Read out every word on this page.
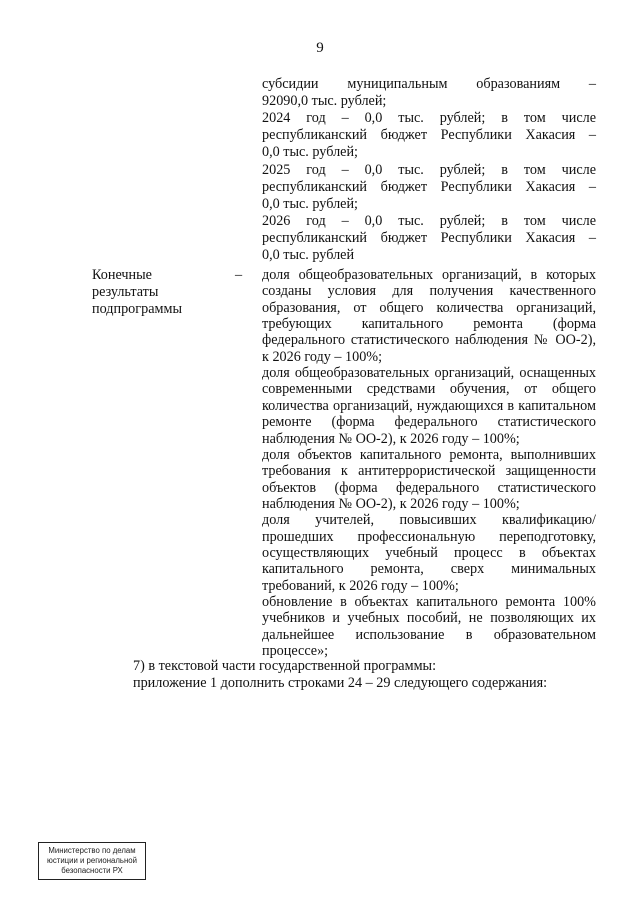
9
субсидии муниципальным образованиям –
92090,0 тыс. рублей;
2024 год – 0,0 тыс. рублей; в том числе
республиканский бюджет Республики Хакасия –
0,0 тыс. рублей;
2025 год – 0,0 тыс. рублей; в том числе
республиканский бюджет Республики Хакасия –
0,0 тыс. рублей;
2026 год – 0,0 тыс. рублей; в том числе
республиканский бюджет Республики Хакасия –
0,0 тыс. рублей
Конечные
результаты
подпрограммы
– доля общеобразовательных организаций, в которых
созданы условия для получения качественного
образования, от общего количества организаций,
требующих капитального ремонта (форма
федерального статистического наблюдения № ОО-2),
к 2026 году – 100%;
доля общеобразовательных организаций, оснащенных
современными средствами обучения, от общего
количества организаций, нуждающихся в капитальном
ремонте (форма федерального статистического
наблюдения № ОО-2), к 2026 году – 100%;
доля объектов капитального ремонта, выполнивших
требования к антитеррористической защищенности
объектов (форма федерального статистического
наблюдения № ОО-2), к 2026 году – 100%;
доля учителей, повысивших квалификацию/
прошедших профессиональную переподготовку,
осуществляющих учебный процесс в объектах
капитального ремонта, сверх минимальных
требований, к 2026 году – 100%;
обновление в объектах капитального ремонта 100%
учебников и учебных пособий, не позволяющих их
дальнейшее использование в образовательном
процессе»;
7) в текстовой части государственной программы:
приложение 1 дополнить строками 24 – 29 следующего содержания:
Министерство по делам
юстиции и региональной
безопасности РХ
